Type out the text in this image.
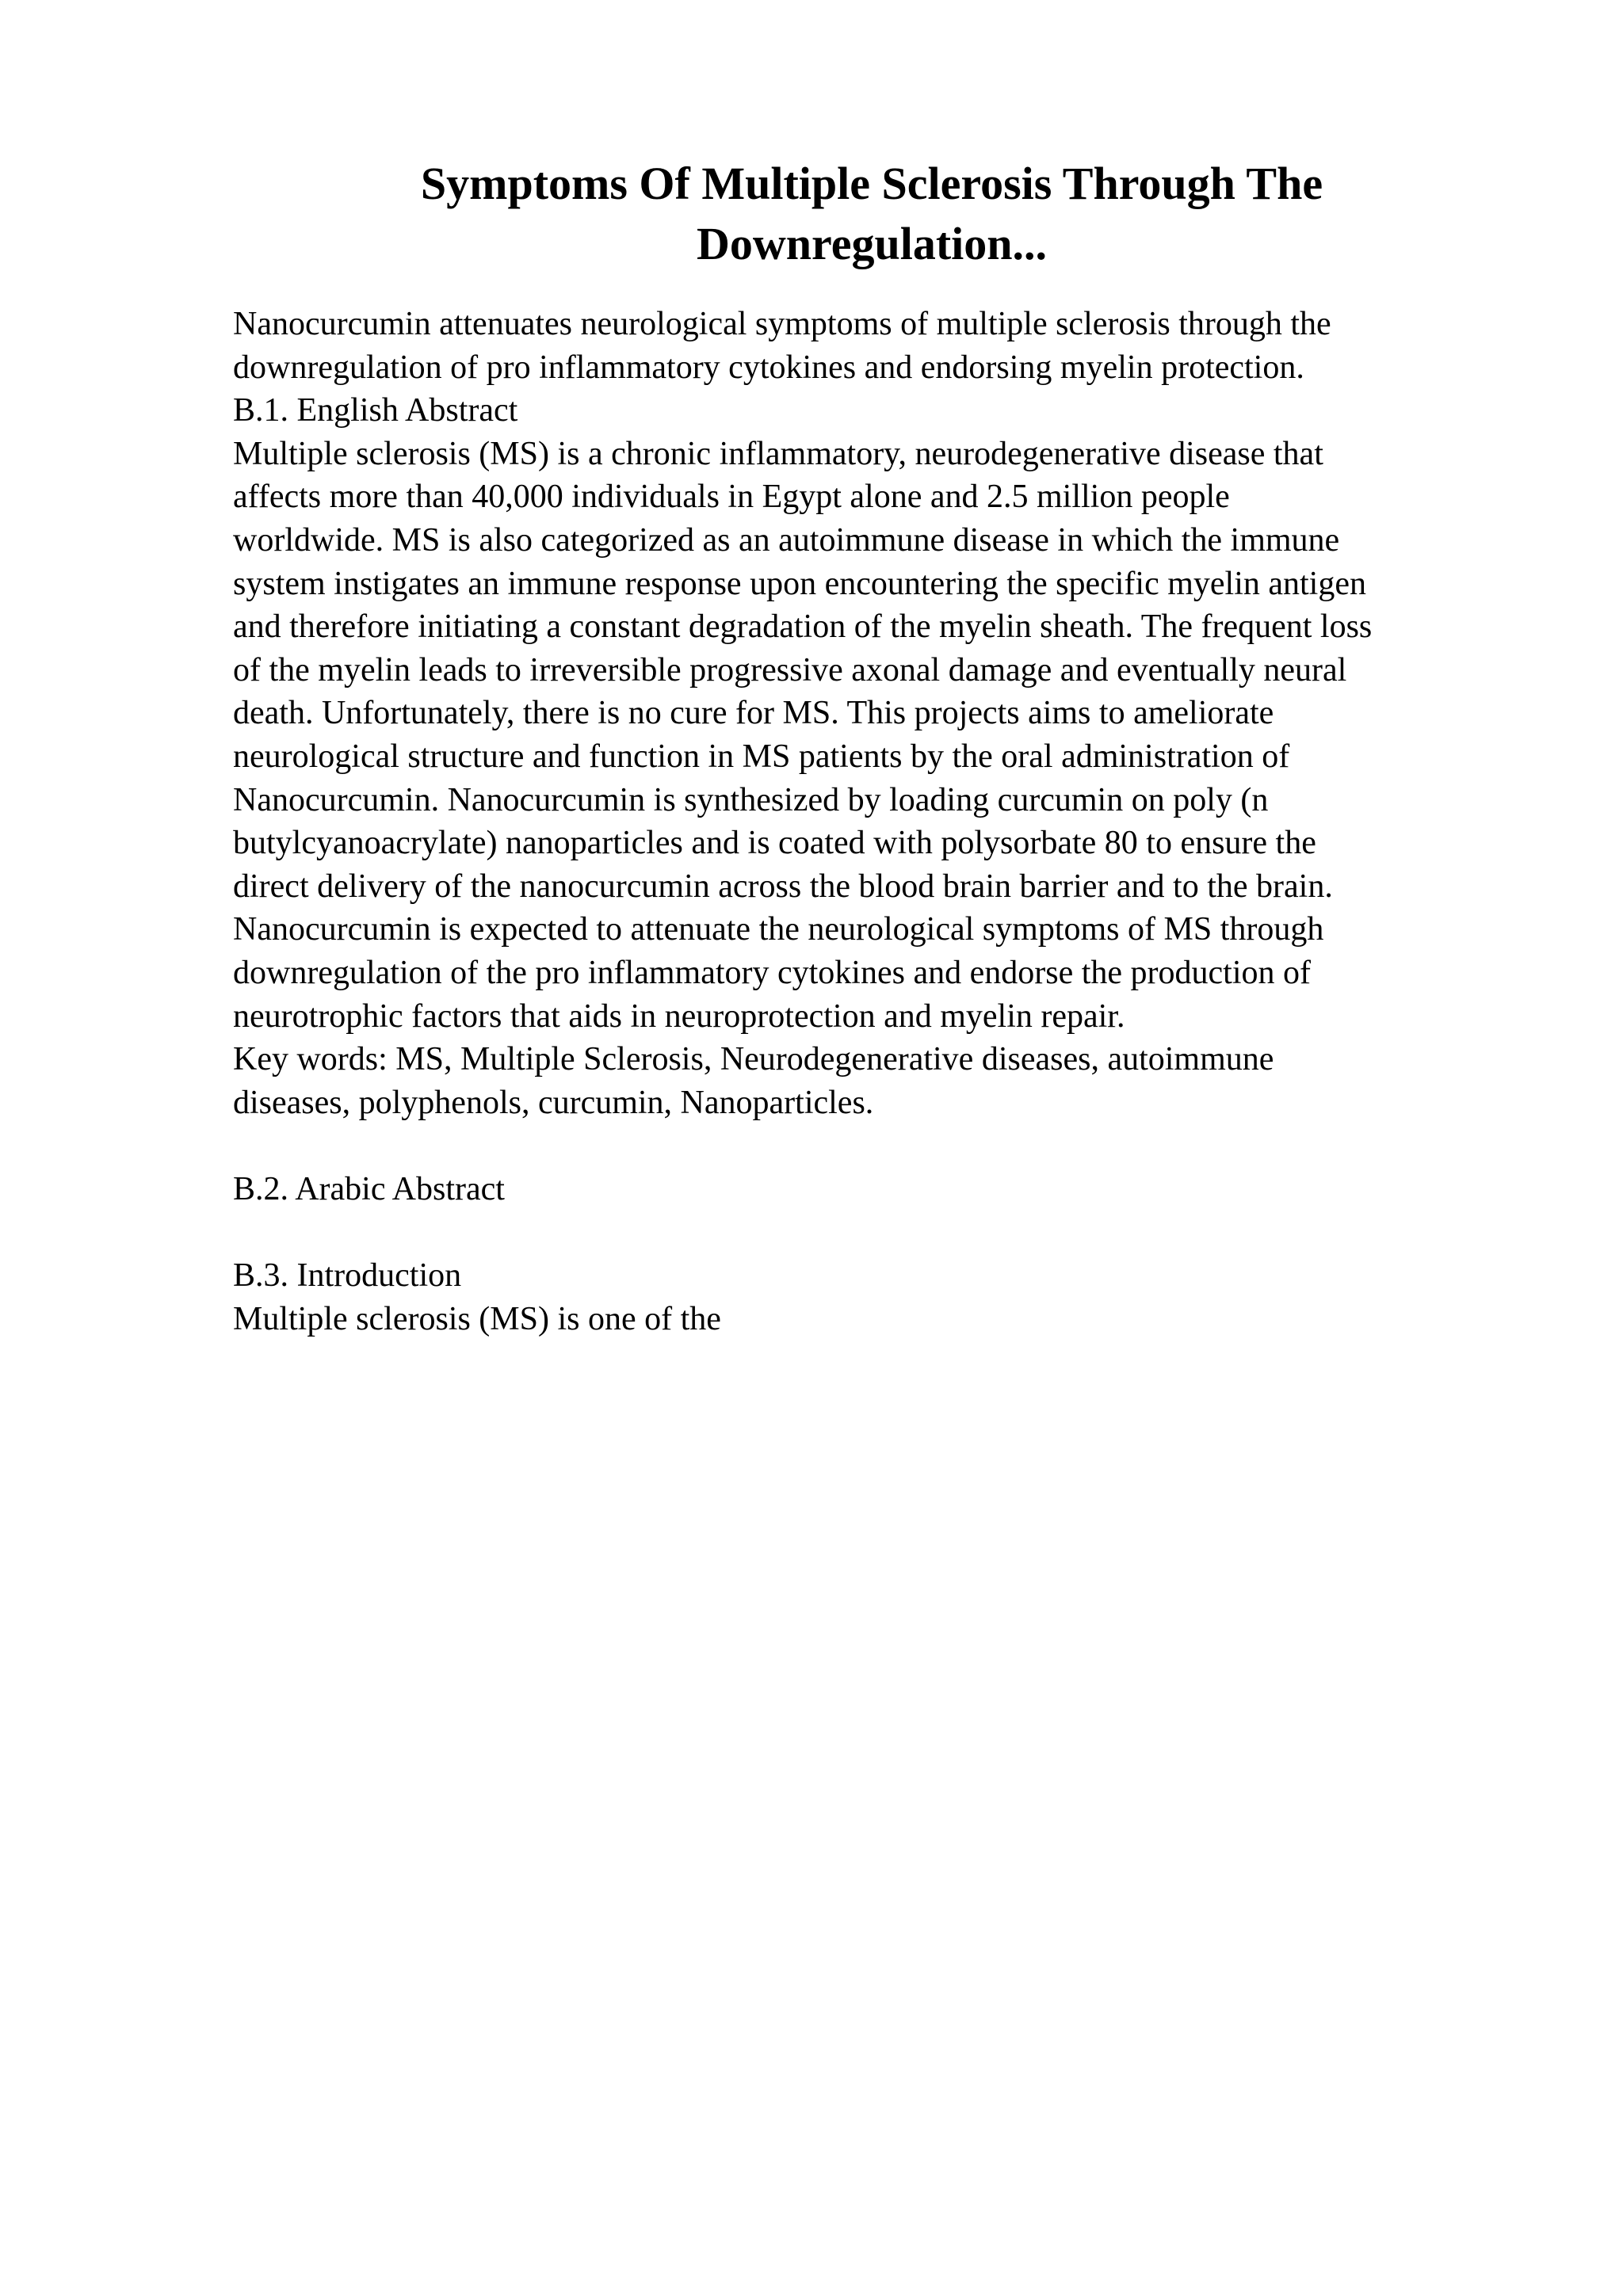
Symptoms Of Multiple Sclerosis Through The
Downregulation...
Nanocurcumin attenuates neurological symptoms of multiple sclerosis through the
downregulation of pro inflammatory cytokines and endorsing myelin protection.
B.1. English Abstract
Multiple sclerosis (MS) is a chronic inflammatory, neurodegenerative disease that
affects more than 40,000 individuals in Egypt alone and 2.5 million people
worldwide. MS is also categorized as an autoimmune disease in which the immune
system instigates an immune response upon encountering the specific myelin antigen
and therefore initiating a constant degradation of the myelin sheath. The frequent loss
of the myelin leads to irreversible progressive axonal damage and eventually neural
death. Unfortunately, there is no cure for MS. This projects aims to ameliorate
neurological structure and function in MS patients by the oral administration of
Nanocurcumin. Nanocurcumin is synthesized by loading curcumin on poly (n
butylcyanoacrylate) nanoparticles and is coated with polysorbate 80 to ensure the
direct delivery of the nanocurcumin across the blood brain barrier and to the brain.
Nanocurcumin is expected to attenuate the neurological symptoms of MS through
downregulation of the pro inflammatory cytokines and endorse the production of
neurotrophic factors that aids in neuroprotection and myelin repair.
Key words: MS, Multiple Sclerosis, Neurodegenerative diseases, autoimmune
diseases, polyphenols, curcumin, Nanoparticles.
B.2. Arabic Abstract
B.3. Introduction
Multiple sclerosis (MS) is one of the
